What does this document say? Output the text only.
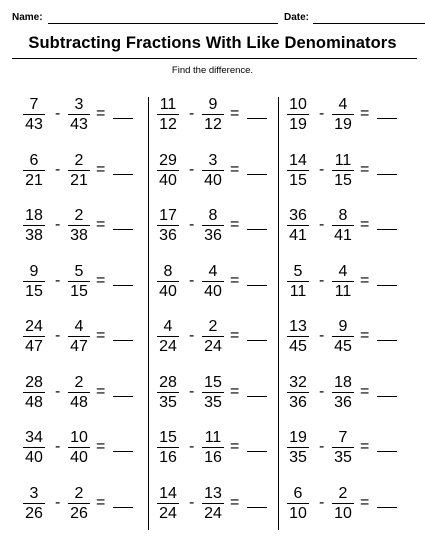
Name:	Date:
Subtracting Fractions With Like Denominators
Find the difference.
7
43
-
3
43
=
6
21
-
2
21
=
18
38
-
2
38
=
9
15
-
5
15
=
24
47
-
4
47
=
28
48
-
2
48
=
34
40
-
10
40
=
3
26
-
2
26
=
11
12
-
9
12
=
29
40
-
3
40
=
17
36
-
8
36
=
8
40
-
4
40
=
4
24
-
2
24
=
28
35
-
15
35
=
15
16
-
11
16
=
14
24
-
13
24
=
10
19
-
4
19
=
14
15
-
11
15
=
36
41
-
8
41
=
5
11
-
4
11
=
13
45
-
9
45
=
32
36
-
18
36
=
19
35
-
7
35
=
6
10
-
2
10
=
